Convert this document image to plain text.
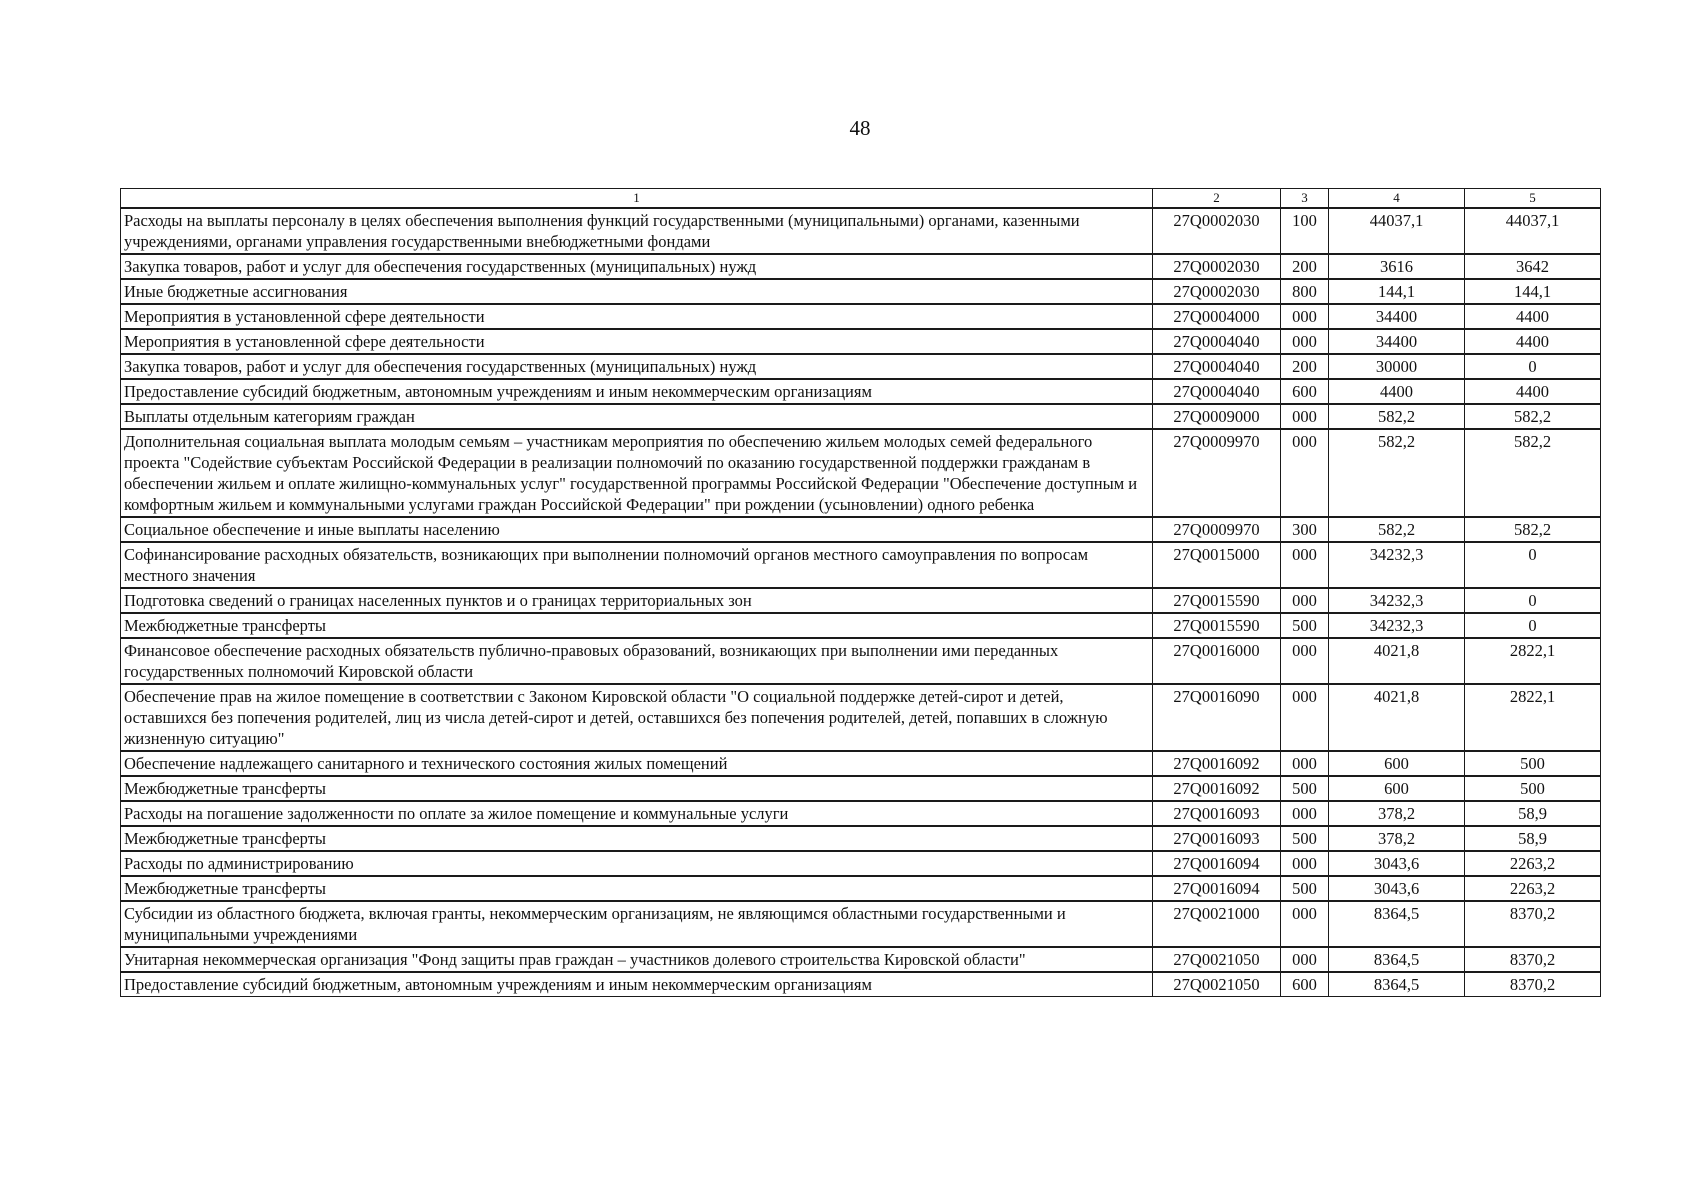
48
1	2	3	4	5
Расходы на выплаты персоналу в целях обеспечения выполнения функций государственными (муниципальными) органами, казенными учреждениями, органами управления государственными внебюджетными фондами	27Q0002030	100	44037,1	44037,1
Закупка товаров, работ и услуг для обеспечения государственных (муниципальных) нужд	27Q0002030	200	3616	3642
Иные бюджетные ассигнования	27Q0002030	800	144,1	144,1
Мероприятия в установленной сфере деятельности	27Q0004000	000	34400	4400
Мероприятия в установленной сфере деятельности	27Q0004040	000	34400	4400
Закупка товаров, работ и услуг для обеспечения государственных (муниципальных) нужд	27Q0004040	200	30000	0
Предоставление субсидий бюджетным, автономным учреждениям и иным некоммерческим организациям	27Q0004040	600	4400	4400
Выплаты отдельным категориям граждан	27Q0009000	000	582,2	582,2
Дополнительная социальная выплата молодым семьям – участникам мероприятия по обеспечению жильем молодых семей федерального проекта "Содействие субъектам Российской Федерации в реализации полномочий по оказанию государственной поддержки гражданам в обеспечении жильем и оплате жилищно-коммунальных услуг" государственной программы Российской Федерации "Обеспечение доступным и комфортным жильем и коммунальными услугами граждан Российской Федерации" при рождении (усыновлении) одного ребенка	27Q0009970	000	582,2	582,2
Социальное обеспечение и иные выплаты населению	27Q0009970	300	582,2	582,2
Софинансирование расходных обязательств, возникающих при выполнении полномочий органов местного самоуправления по вопросам местного значения	27Q0015000	000	34232,3	0
Подготовка сведений о границах населенных пунктов и о границах территориальных зон	27Q0015590	000	34232,3	0
Межбюджетные трансферты	27Q0015590	500	34232,3	0
Финансовое обеспечение расходных обязательств публично-правовых образований, возникающих при выполнении ими переданных государственных полномочий Кировской области	27Q0016000	000	4021,8	2822,1
Обеспечение прав на жилое помещение в соответствии с Законом Кировской области "О социальной поддержке детей-сирот и детей, оставшихся без попечения родителей, лиц из числа детей-сирот и детей, оставшихся без попечения родителей, детей, попавших в сложную жизненную ситуацию"	27Q0016090	000	4021,8	2822,1
Обеспечение надлежащего санитарного и технического состояния жилых помещений	27Q0016092	000	600	500
Межбюджетные трансферты	27Q0016092	500	600	500
Расходы на погашение задолженности по оплате за жилое помещение и коммунальные услуги	27Q0016093	000	378,2	58,9
Межбюджетные трансферты	27Q0016093	500	378,2	58,9
Расходы по администрированию	27Q0016094	000	3043,6	2263,2
Межбюджетные трансферты	27Q0016094	500	3043,6	2263,2
Субсидии из областного бюджета, включая гранты, некоммерческим организациям, не являющимся областными государственными и муниципальными учреждениями	27Q0021000	000	8364,5	8370,2
Унитарная некоммерческая организация "Фонд защиты прав граждан – участников долевого строительства Кировской области"	27Q0021050	000	8364,5	8370,2
Предоставление субсидий бюджетным, автономным учреждениям и иным некоммерческим организациям	27Q0021050	600	8364,5	8370,2
